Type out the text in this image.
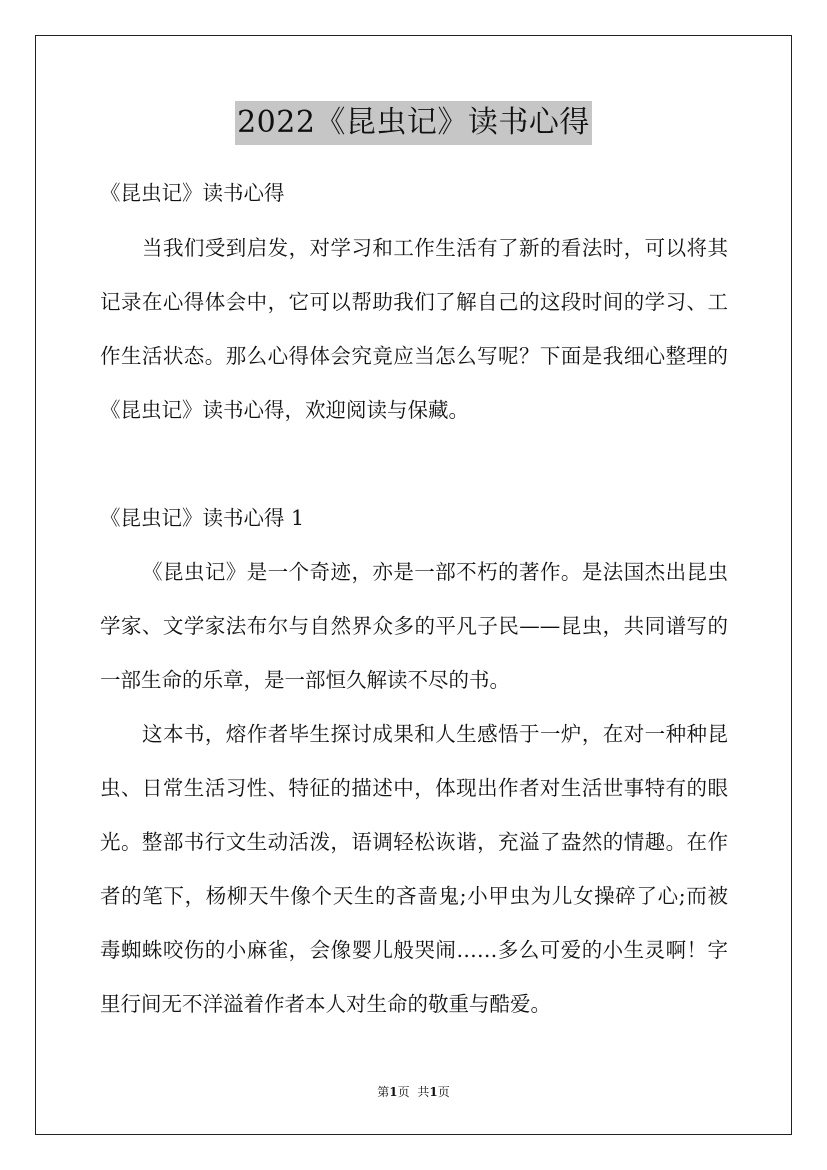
2022《昆虫记》读书心得
《昆虫记》读书心得
当我们受到启发，对学习和工作生活有了新的看法时，可以将其
记录在心得体会中，它可以帮助我们了解自己的这段时间的学习、工
作生活状态。那么心得体会究竟应当怎么写呢？下面是我细心整理的
《昆虫记》读书心得，欢迎阅读与保藏。
《昆虫记》读书心得 1
《昆虫记》是一个奇迹，亦是一部不朽的著作。是法国杰出昆虫
学家、文学家法布尔与自然界众多的平凡子民——昆虫，共同谱写的
一部生命的乐章，是一部恒久解读不尽的书。
这本书，熔作者毕生探讨成果和人生感悟于一炉，在对一种种昆
虫、日常生活习性、特征的描述中，体现出作者对生活世事特有的眼
光。整部书行文生动活泼，语调轻松诙谐，充溢了盎然的情趣。在作
者的笔下，杨柳天牛像个天生的吝啬鬼;小甲虫为儿女操碎了心;而被
毒蜘蛛咬伤的小麻雀，会像婴儿般哭闹……多么可爱的小生灵啊！字
里行间无不洋溢着作者本人对生命的敬重与酷爱。
第1页 共1页
